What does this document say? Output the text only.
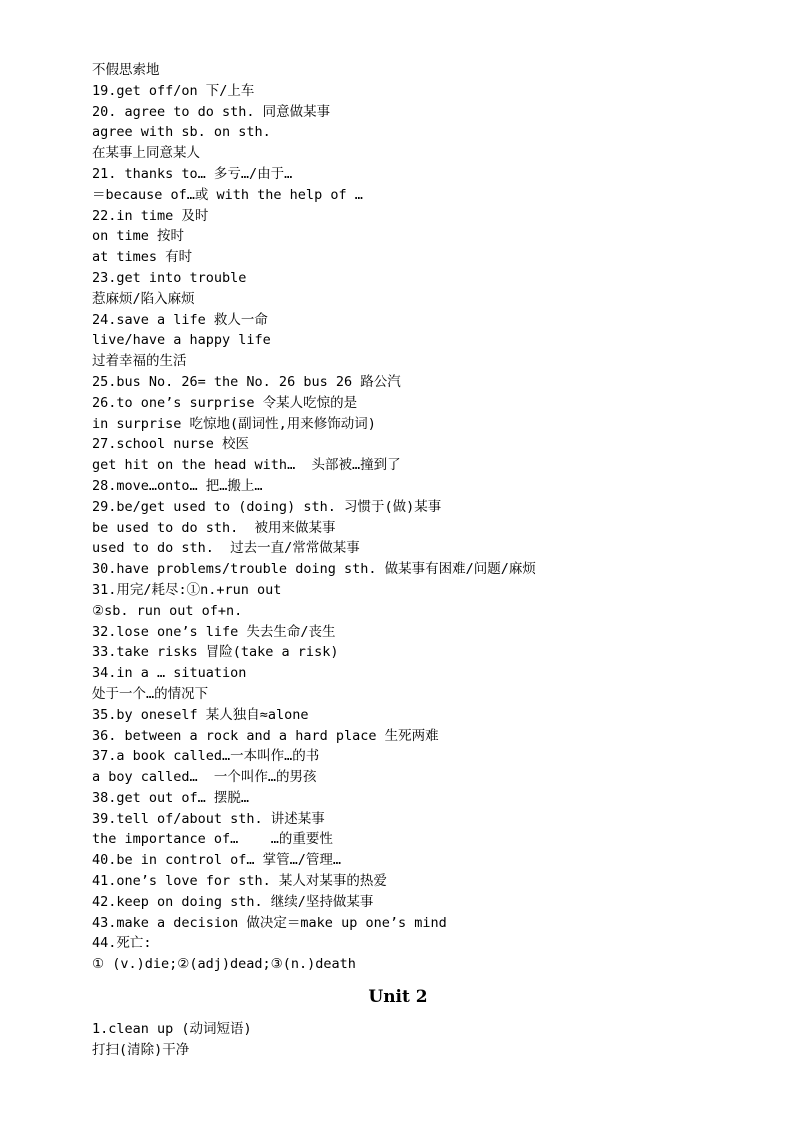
不假思索地
19.get off/on 下/上车
20. agree to do sth. 同意做某事
agree with sb. on sth.
在某事上同意某人
21. thanks to… 多亏…/由于…
＝because of…或 with the help of …
22.in time 及时
on time 按时
at times 有时
23.get into trouble
惹麻烦/陷入麻烦
24.save a life 救人一命
live/have a happy life
过着幸福的生活
25.bus No. 26= the No. 26 bus 26 路公汽
26.to one’s surprise 令某人吃惊的是
in surprise 吃惊地(副词性,用来修饰动词)
27.school nurse 校医
get hit on the head with…  头部被…撞到了
28.move…onto… 把…搬上…
29.be/get used to (doing) sth. 习惯于(做)某事
be used to do sth.  被用来做某事
used to do sth.  过去一直/常常做某事
30.have problems/trouble doing sth. 做某事有困难/问题/麻烦
31.用完/耗尽:①n.+run out
②sb. run out of+n.
32.lose one’s life 失去生命/丧生
33.take risks 冒险(take a risk)
34.in a … situation
处于一个…的情况下
35.by oneself 某人独自≈alone
36. between a rock and a hard place 生死两难
37.a book called…一本叫作…的书
a boy called…  一个叫作…的男孩
38.get out of… 摆脱…
39.tell of/about sth. 讲述某事
the importance of…    …的重要性
40.be in control of… 掌管…/管理…
41.one’s love for sth. 某人对某事的热爱
42.keep on doing sth. 继续/坚持做某事
43.make a decision 做决定＝make up one’s mind
44.死亡:
① (v.)die;②(adj)dead;③(n.)death
Unit 2
1.clean up (动词短语)
打扫(清除)干净
